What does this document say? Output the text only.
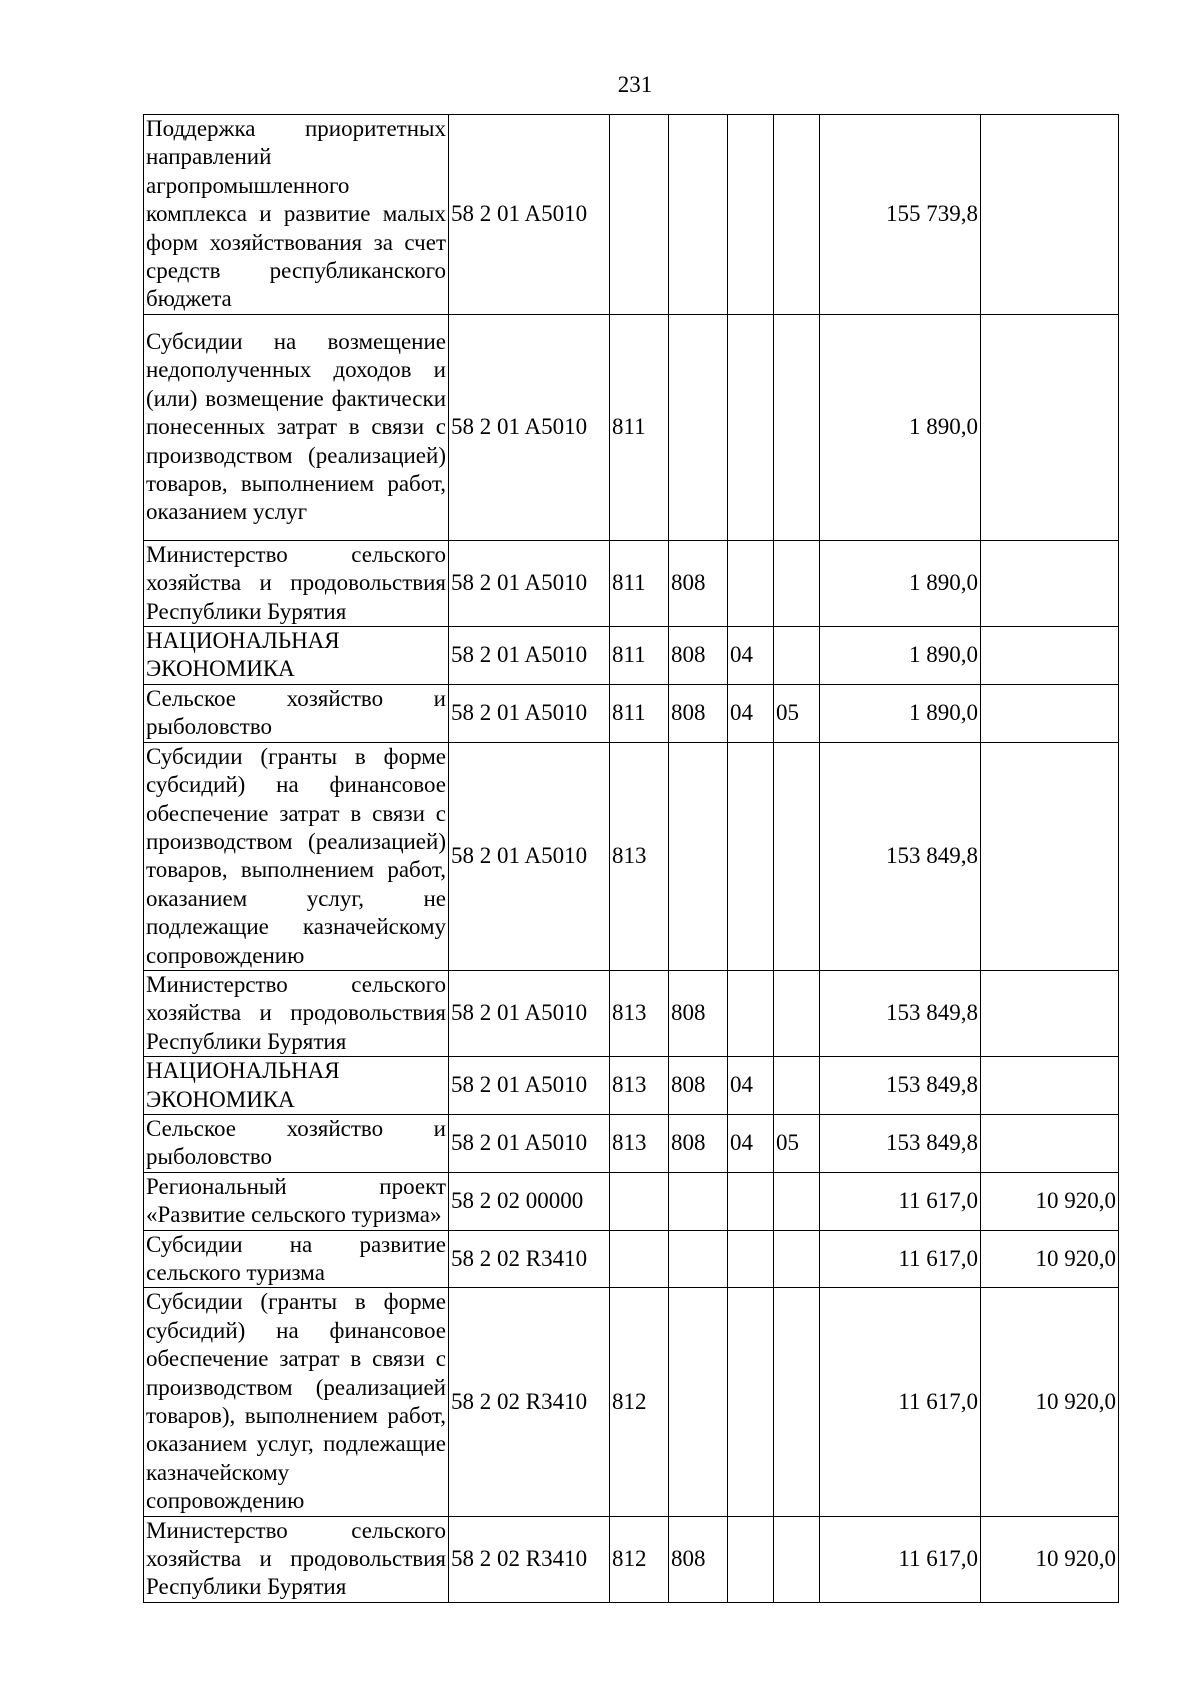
231
Поддержка приоритетных направлений агропромышленного комплекса и развитие малых форм хозяйствования за счет средств республиканского бюджета	58 2 01 A5010					155 739,8	
Субсидии на возмещение недополученных доходов и (или) возмещение фактически понесенных затрат в связи с производством (реализацией) товаров, выполнением работ, оказанием услуг	58 2 01 A5010	811				1 890,0	
Министерство сельского хозяйства и продовольствия Республики Бурятия	58 2 01 A5010	811	808			1 890,0	
НАЦИОНАЛЬНАЯ ЭКОНОМИКА	58 2 01 A5010	811	808	04		1 890,0	
Сельское хозяйство и рыболовство	58 2 01 A5010	811	808	04	05	1 890,0	
Субсидии (гранты в форме субсидий) на финансовое обеспечение затрат в связи с производством (реализацией) товаров, выполнением работ, оказанием услуг, не подлежащие казначейскому сопровождению	58 2 01 A5010	813				153 849,8	
Министерство сельского хозяйства и продовольствия Республики Бурятия	58 2 01 A5010	813	808			153 849,8	
НАЦИОНАЛЬНАЯ ЭКОНОМИКА	58 2 01 A5010	813	808	04		153 849,8	
Сельское хозяйство и рыболовство	58 2 01 A5010	813	808	04	05	153 849,8	
Региональный проект «Развитие сельского туризма»	58 2 02 00000					11 617,0	10 920,0
Субсидии на развитие сельского туризма	58 2 02 R3410					11 617,0	10 920,0
Субсидии (гранты в форме субсидий) на финансовое обеспечение затрат в связи с производством (реализацией товаров), выполнением работ, оказанием услуг, подлежащие казначейскому сопровождению	58 2 02 R3410	812				11 617,0	10 920,0
Министерство сельского хозяйства и продовольствия Республики Бурятия	58 2 02 R3410	812	808			11 617,0	10 920,0
